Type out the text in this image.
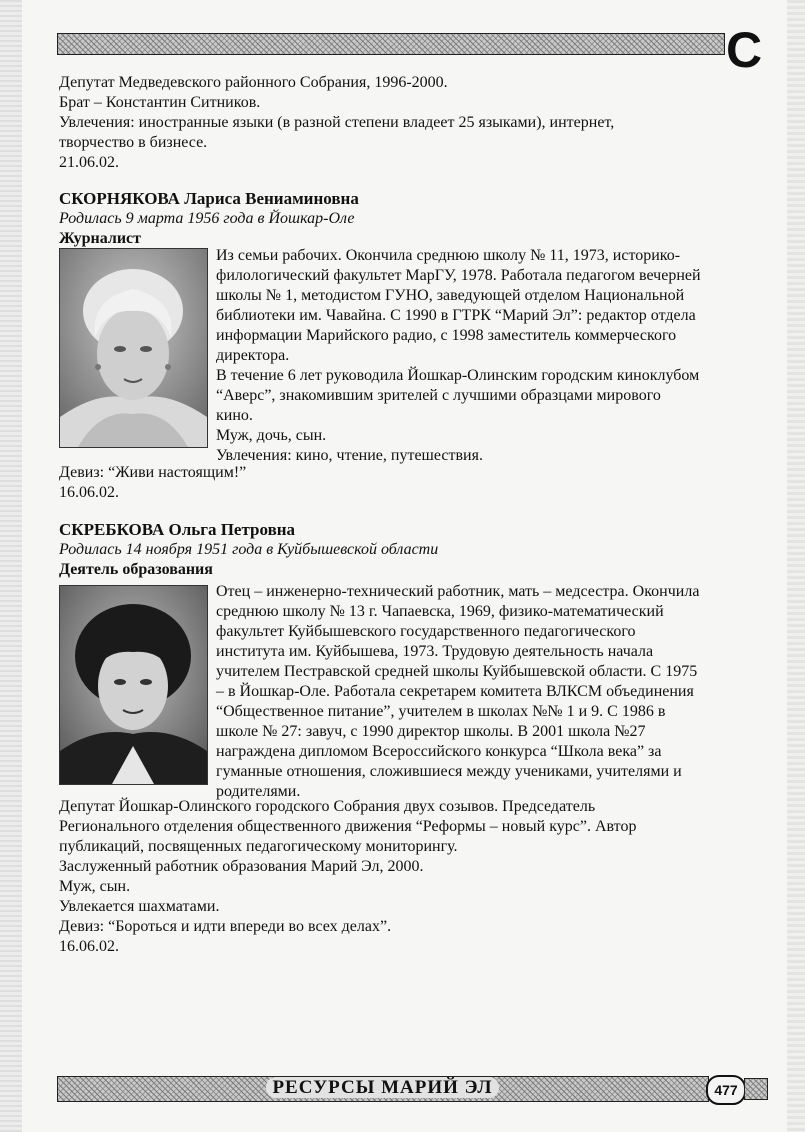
С
Депутат Медведевского районного Собрания, 1996-2000.
Брат – Константин Ситников.
Увлечения: иностранные языки (в разной степени владеет 25 языками), интернет,
творчество в бизнесе.
21.06.02.
СКОРНЯКОВА Лариса Вениаминовна
Родилась 9 марта 1956 года в Йошкар-Оле
Журналист
Из семьи рабочих. Окончила среднюю школу № 11, 1973, историко-
филологический факультет МарГУ, 1978. Работала педагогом вечерней
школы № 1, методистом ГУНО, заведующей отделом Национальной
библиотеки им. Чавайна. С 1990 в ГТРК “Марий Эл”: редактор отдела
информации Марийского радио, с 1998 заместитель коммерческого
директора.
В течение 6 лет руководила Йошкар-Олинским городским киноклубом
“Аверс”, знакомившим зрителей с лучшими образцами мирового
кино.
Муж, дочь, сын.
Увлечения: кино, чтение, путешествия.
Девиз: “Живи настоящим!”
16.06.02.
СКРЕБКОВА Ольга Петровна
Родилась 14 ноября 1951 года в Куйбышевской области
Деятель образования
Отец – инженерно-технический работник, мать – медсестра. Окончила
среднюю школу № 13 г. Чапаевска, 1969, физико-математический
факультет Куйбышевского государственного педагогического
института им. Куйбышева, 1973. Трудовую деятельность начала
учителем Пестравской средней школы Куйбышевской области. С 1975
– в Йошкар-Оле. Работала секретарем комитета ВЛКСМ объединения
“Общественное питание”, учителем в школах №№ 1 и 9. С 1986 в
школе № 27: завуч, с 1990 директор школы. В 2001 школа №27
награждена дипломом Всероссийского конкурса “Школа века” за
гуманные отношения, сложившиеся между учениками, учителями и
родителями.
Депутат Йошкар-Олинского городского Собрания двух созывов. Председатель
Регионального отделения общественного движения “Реформы – новый курс”. Автор
публикаций, посвященных педагогическому мониторингу.
Заслуженный работник образования Марий Эл, 2000.
Муж, сын.
Увлекается шахматами.
Девиз: “Бороться и идти впереди во всех делах”.
16.06.02.
РЕСУРСЫ МАРИЙ ЭЛ	477
